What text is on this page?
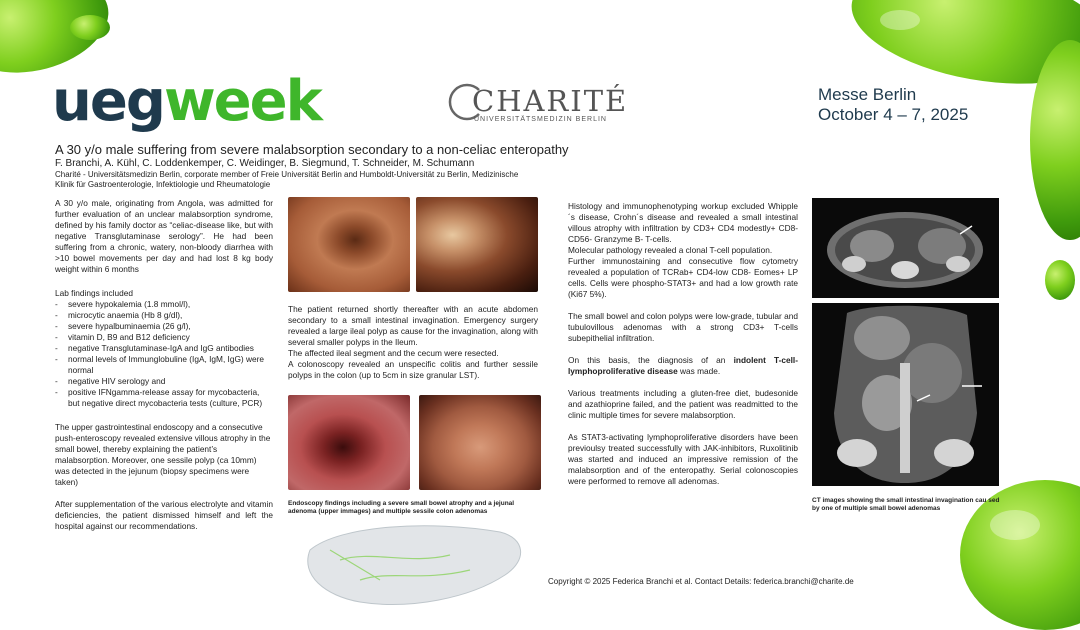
uegweek	CHARITÉ
UNIVERSITÄTSMEDIZIN BERLIN
Messe Berlin
October 4 – 7, 2025
A 30 y/o male suffering from severe malabsorption secondary to a non-celiac enteropathy
F. Branchi, A. Kühl, C. Loddenkemper, C. Weidinger, B. Siegmund, T. Schneider, M. Schumann
Charité - Universitätsmedizin Berlin, corporate member of Freie Universität Berlin and Humboldt-Universität zu Berlin, Medizinische Klinik für Gastroenterologie, Infektiologie und Rheumatologie

A 30 y/o male, originating from Angola, was admitted for further evaluation of an unclear malabsorption syndrome, defined by his family doctor as “celiac-disease like, but with negative Transglutaminase serology”. He had been suffering from a chronic, watery, non-bloody diarrhea with >10 bowel movements per day and had lost 8 kg body weight within 6 months

Lab findings included

- severe hypokalemia (1.8 mmol/l),
- microcytic anaemia (Hb 8 g/dl),
- severe hypalbuminaemia (26 g/l),
- vitamin D, B9 and B12 deficiency
- negative Transglutaminase-IgA and IgG antibodies
- normal levels of Immunglobuline (IgA, IgM, IgG) were normal
- negative HIV serology and
- positive IFNgamma-release assay for mycobacteria, but negative direct mycobacteria tests (culture, PCR)

The upper gastrointestinal endoscopy and a consecutive push-enteroscopy revealed extensive villous atrophy in the small bowel, thereby explaining the patient’s malabsorption. Moreover, one sessile polyp (ca 10mm) was detected in the jejunum (biopsy specimens were taken)

After supplementation of the various electrolyte and vitamin deficiencies, the patient dismissed himself and left the hospital against our recommendations.

The patient returned shortly thereafter with an acute abdomen secondary to a small intestinal invagination. Emergency surgery revealed a large ileal polyp as cause for the invagination, along with several smaller polyps in the Ileum.

The affected ileal segment and the cecum were resected.

A colonoscopy revealed an unspecific colitis and further sessile polyps in the colon (up to 5cm in size granular LST).

Endoscopy findings including a severe small bowel atrophy and a jejunal adenoma (upper immages) and multiple sessile colon adenomas

Histology and immunophenotyping workup excluded Whipple´s disease, Crohn´s disease and revealed a small intestinal villous atrophy with infiltration by CD3+ CD4 modestly+ CD8- CD56- Granzyme B- T-cells.

Molecular pathology revealed a clonal T-cell population.

Further immunostaining and consecutive flow cytometry revealed a population of TCRab+ CD4-low CD8- Eomes+ LP cells. Cells were phospho-STAT3+ and had a low growth rate (Ki67 5%).

The small bowel and colon polyps were low-grade, tubular and tubulovillous adenomas with a strong CD3+ T-cells subepithelial infiltration.

On this basis, the diagnosis of an indolent T-cell-lymphoproliferative disease was made.

Various treatments including a gluten-free diet, budesonide and azathioprine failed, and the patient was readmitted to the clinic multiple times for severe malabsorption.

As STAT3-activating lymphoproliferative disorders have been previoulsy treated successfully with JAK-inhibitors, Ruxolitinib was started and induced an impressive remission of the malabsorption and of the enteropathy. Serial colonoscopies were performed to remove all adenomas.

CT images showing the small intestinal invagination cau sed by one of multiple small bowel adenomas
Copyright © 2025 Federica Branchi et al. Contact Details: federica.branchi@charite.de
